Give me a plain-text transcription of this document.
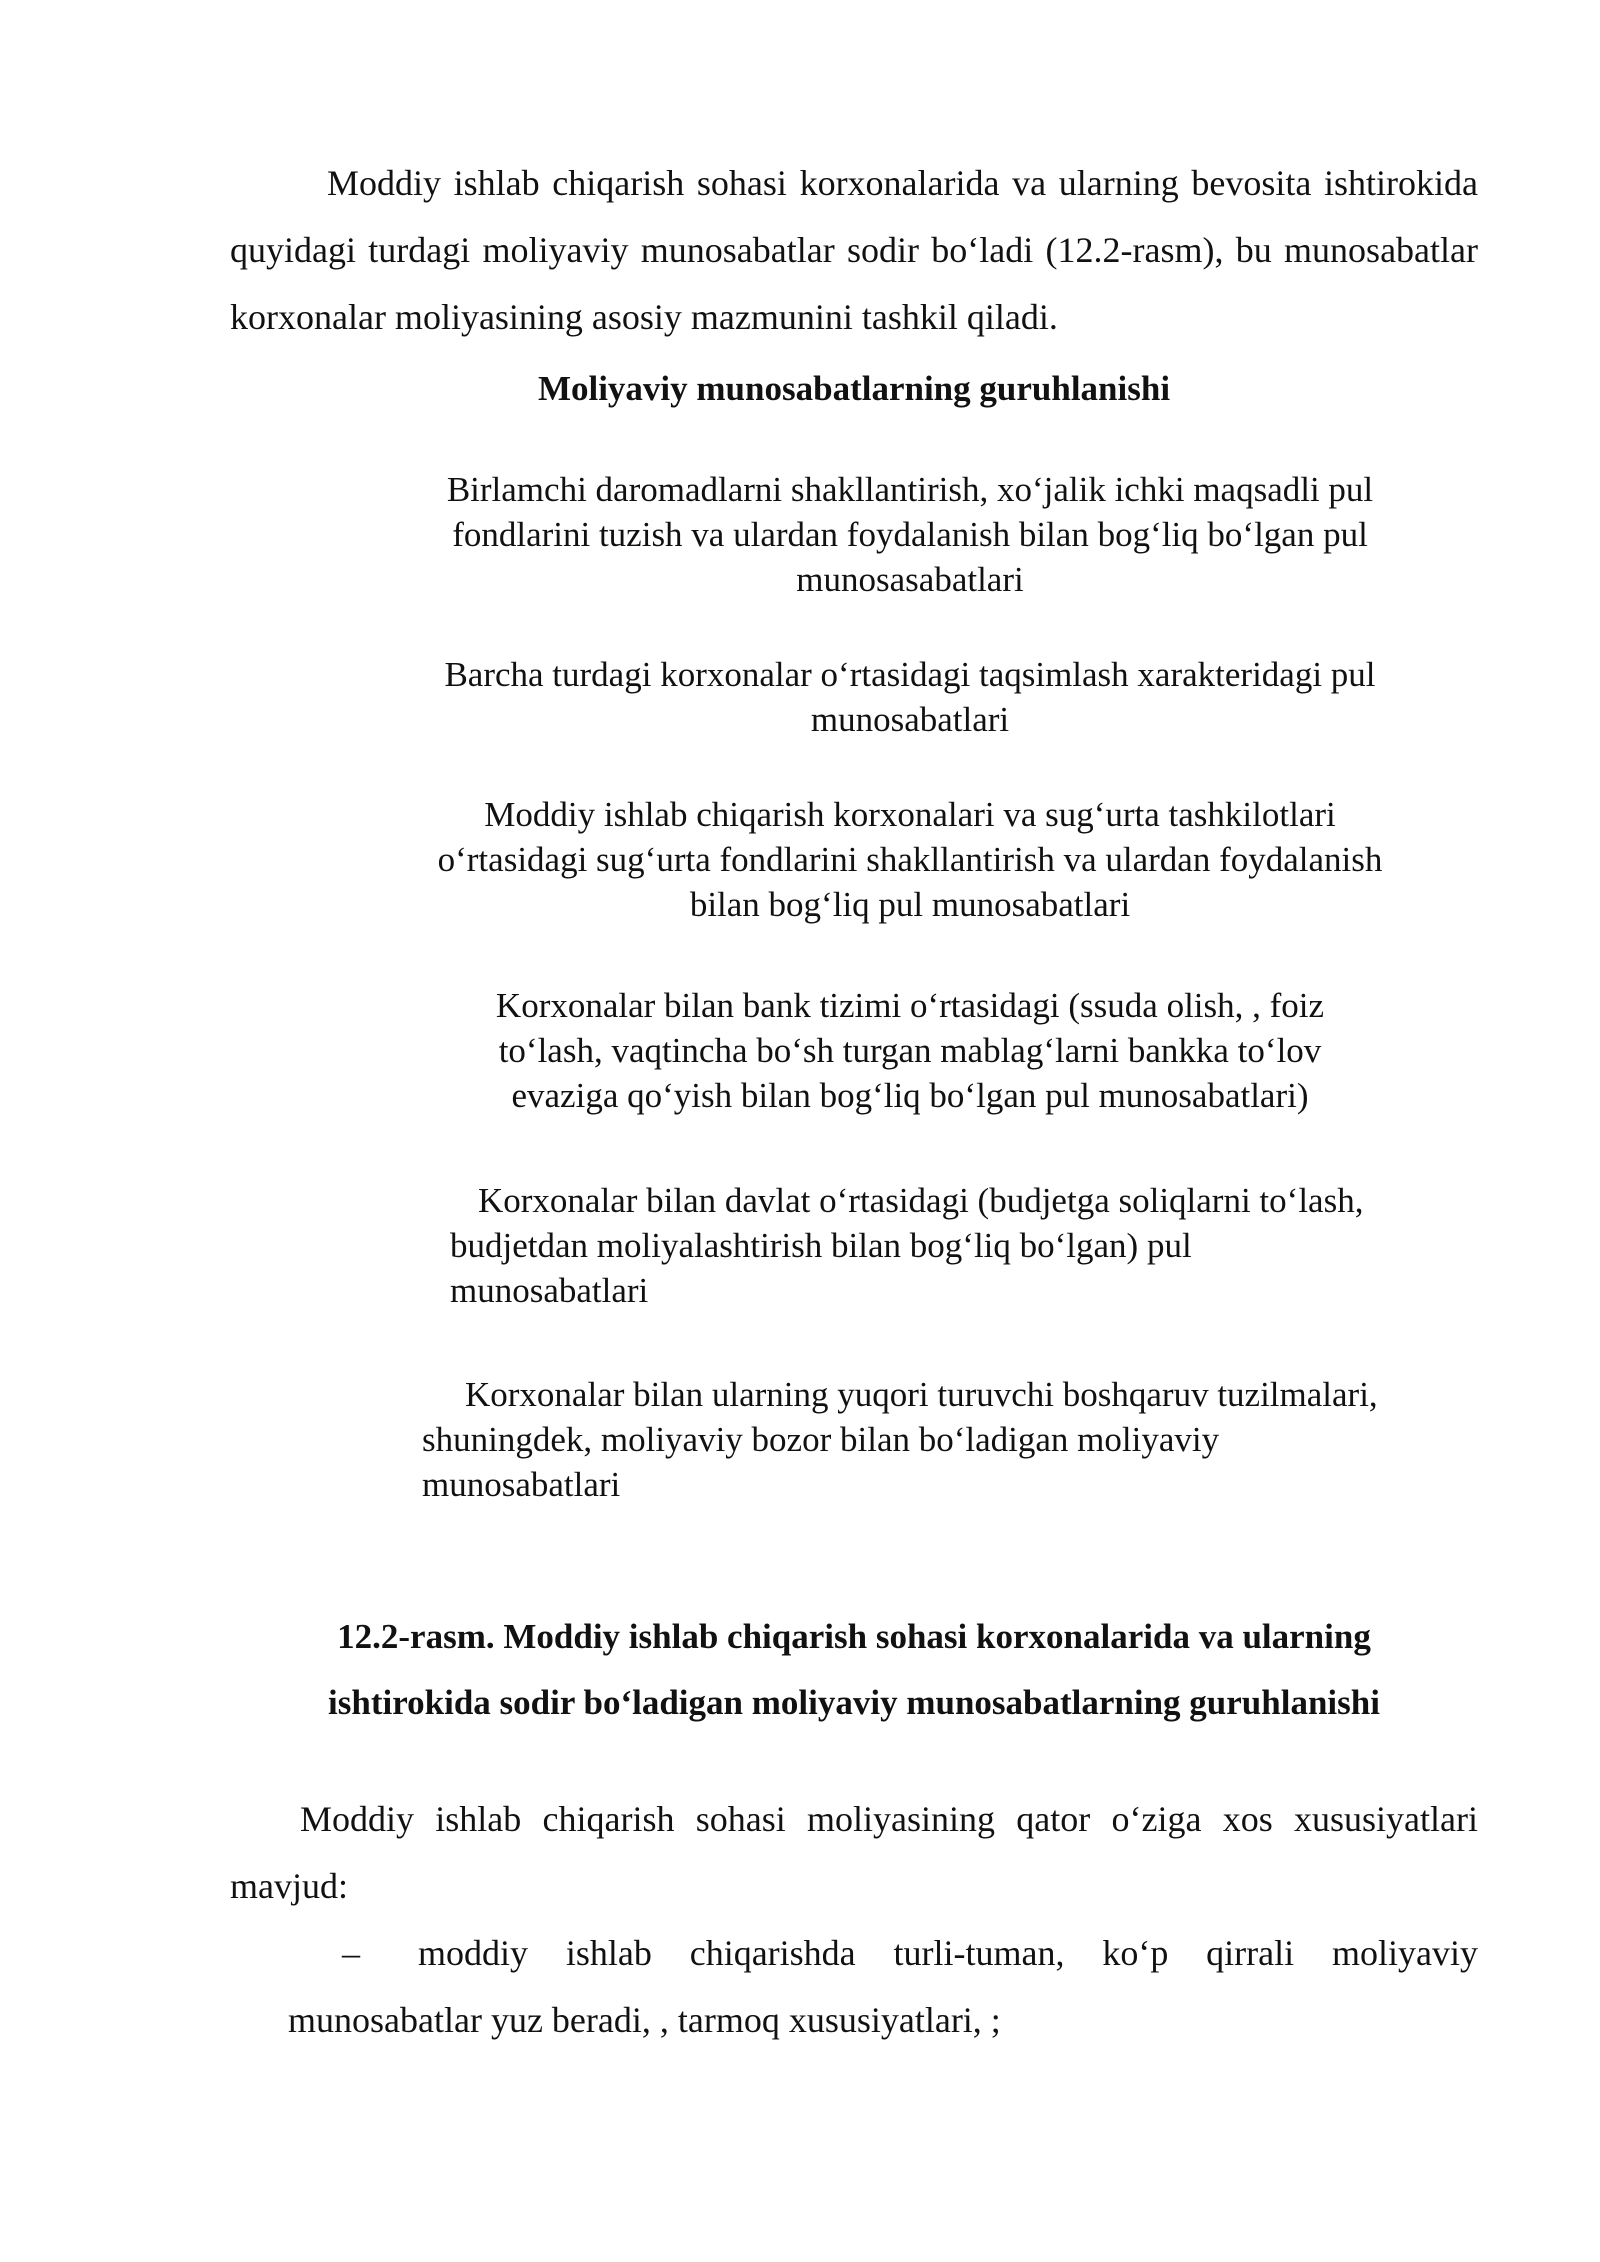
Moddiy ishlab chiqarish sohasi korxonalarida va ularning bevosita ishtirokida quyidagi turdagi moliyaviy munosabatlar sodir bo‘ladi (12.2-rasm), bu munosabatlar korxonalar moliyasining asosiy mazmunini tashkil qiladi.

Moliyaviy munosabatlarning guruhlanishi

Birlamchi daromadlarni shakllantirish, xo‘jalik ichki maqsadli pul
fondlarini tuzish va ulardan foydalanish bilan bog‘liq bo‘lgan pul
munosasabatlari
Barcha turdagi korxonalar o‘rtasidagi taqsimlash xarakteridagi pul
munosabatlari
Moddiy ishlab chiqarish korxonalari va sug‘urta tashkilotlari
o‘rtasidagi sug‘urta fondlarini shakllantirish va ulardan foydalanish
bilan bog‘liq pul munosabatlari
Korxonalar bilan bank tizimi o‘rtasidagi (ssuda olish, , foiz
to‘lash, vaqtincha bo‘sh turgan mablag‘larni bankka to‘lov
evaziga qo‘yish bilan bog‘liq bo‘lgan pul munosabatlari)
Korxonalar bilan davlat o‘rtasidagi (budjetga soliqlarni to‘lash,
budjetdan moliyalashtirish bilan bog‘liq bo‘lgan) pul
munosabatlari
Korxonalar bilan ularning yuqori turuvchi boshqaruv tuzilmalari,
shuningdek, moliyaviy bozor bilan bo‘ladigan moliyaviy
munosabatlari
12.2-rasm. Moddiy ishlab chiqarish sohasi korxonalarida va ularning
ishtirokida sodir bo‘ladigan moliyaviy munosabatlarning guruhlanishi

Moddiy ishlab chiqarish sohasi moliyasining qator o‘ziga xos xususiyatlari mavjud:

–	moddiy ishlab chiqarishda turli-tuman, ko‘p qirrali moliyaviy
munosabatlar yuz beradi, , tarmoq xususiyatlari, ;
